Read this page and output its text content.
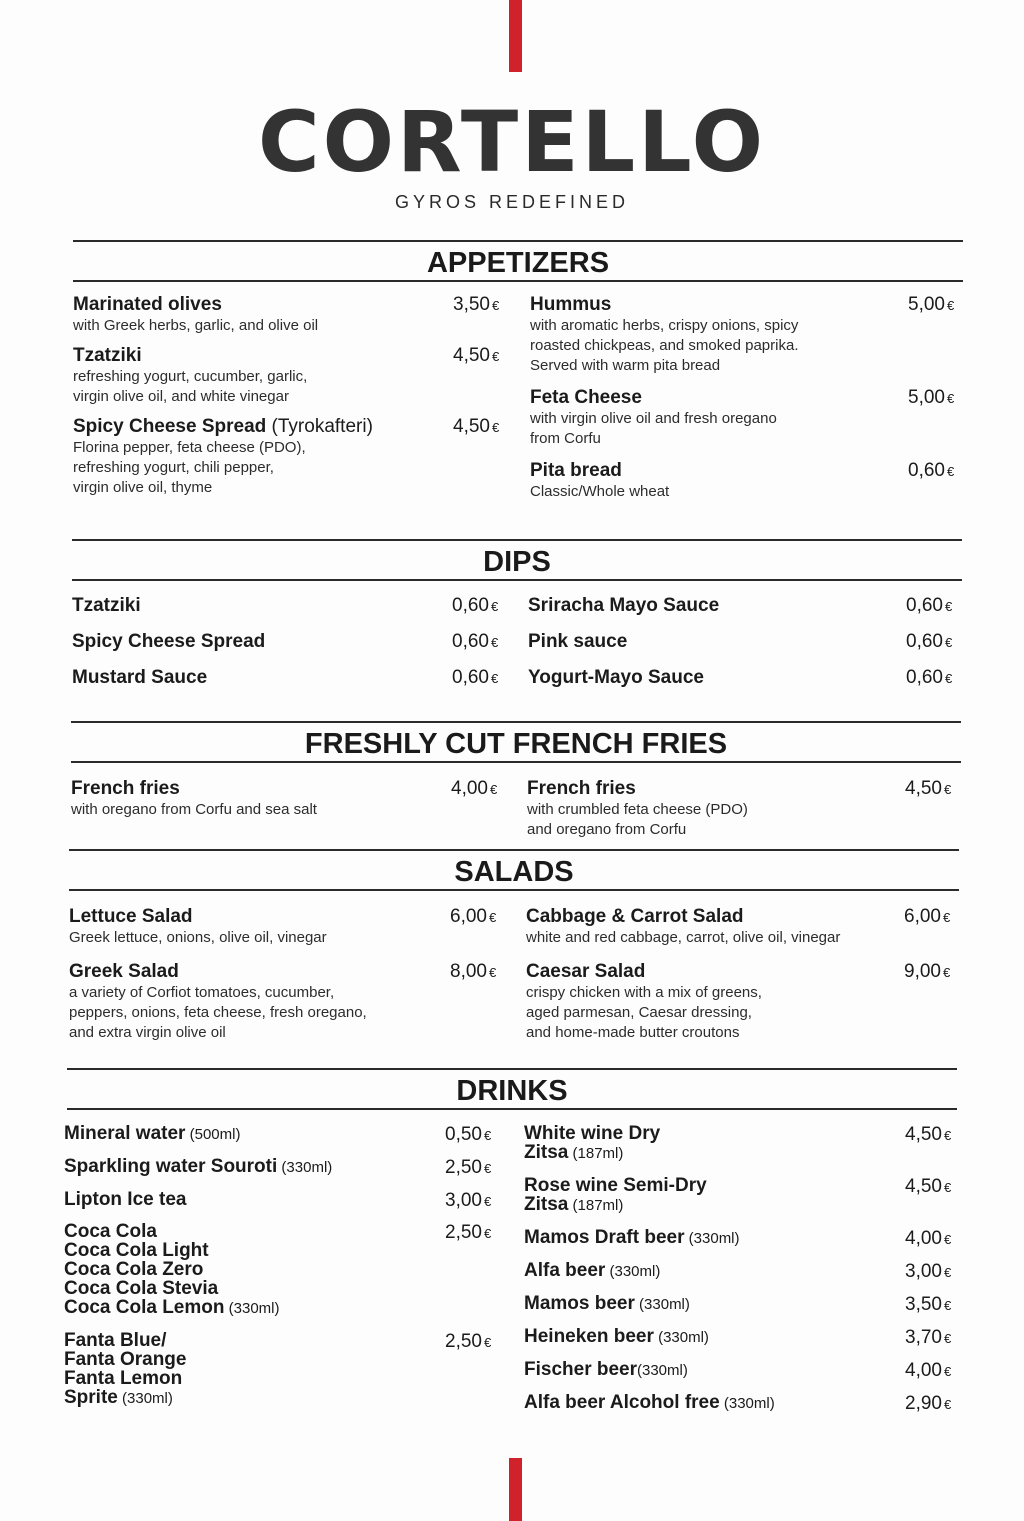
CORTELLO
GYROS REDEFINED
APPETIZERS
Marinated olives
with Greek herbs, garlic, and olive oil
3,50 €
Tzatziki
refreshing yogurt, cucumber, garlic,
virgin olive oil, and white vinegar
4,50 €
Spicy Cheese Spread (Tyrokafteri)
Florina pepper, feta cheese (PDO),
refreshing yogurt, chili pepper,
virgin olive oil, thyme
4,50 €
Hummus
with aromatic herbs, crispy onions, spicy
roasted chickpeas, and smoked paprika.
Served with warm pita bread
5,00 €
Feta Cheese
with virgin olive oil and fresh oregano
from Corfu
5,00 €
Pita bread
Classic/Whole wheat
0,60 €
DIPS
Tzatziki	0,60 €
Spicy Cheese Spread	0,60 €
Mustard Sauce	0,60 €
Sriracha Mayo Sauce	0,60 €
Pink sauce	0,60 €
Yogurt-Mayo Sauce	0,60 €
FRESHLY CUT FRENCH FRIES
French fries
with oregano from Corfu and sea salt
4,00 € French fries
with crumbled feta cheese (PDO)
and oregano from Corfu
4,50 €
SALADS
Lettuce Salad
Greek lettuce, onions, olive oil, vinegar
6,00 €
Greek Salad
a variety of Corfiot tomatoes, cucumber,
peppers, onions, feta cheese, fresh oregano,
and extra virgin olive oil
8,00 €
Cabbage & Carrot Salad
white and red cabbage, carrot, olive oil, vinegar
6,00 €
Caesar Salad
crispy chicken with a mix of greens,
aged parmesan, Caesar dressing,
and home-made butter croutons
9,00 €
DRINKS
Mineral water (500ml)	0,50 €
Sparkling water Souroti (330ml)	2,50 €
Lipton Ice tea	3,00 €
Coca Cola
Coca Cola Light
Coca Cola Zero
Coca Cola Stevia
Coca Cola Lemon (330ml)
2,50 €
Fanta Blue/
Fanta Orange
Fanta Lemon
Sprite (330ml)
2,50 €
White wine Dry
Zitsa (187ml)
4,50 €
Rose wine Semi-Dry
Zitsa (187ml)
4,50 €
Mamos Draft beer (330ml)	4,00 €
Alfa beer (330ml)	3,00 €
Mamos beer (330ml)	3,50 €
Heineken beer (330ml)	3,70 €
Fischer beer(330ml)	4,00 €
Alfa beer Alcohol free (330ml)	2,90 €
